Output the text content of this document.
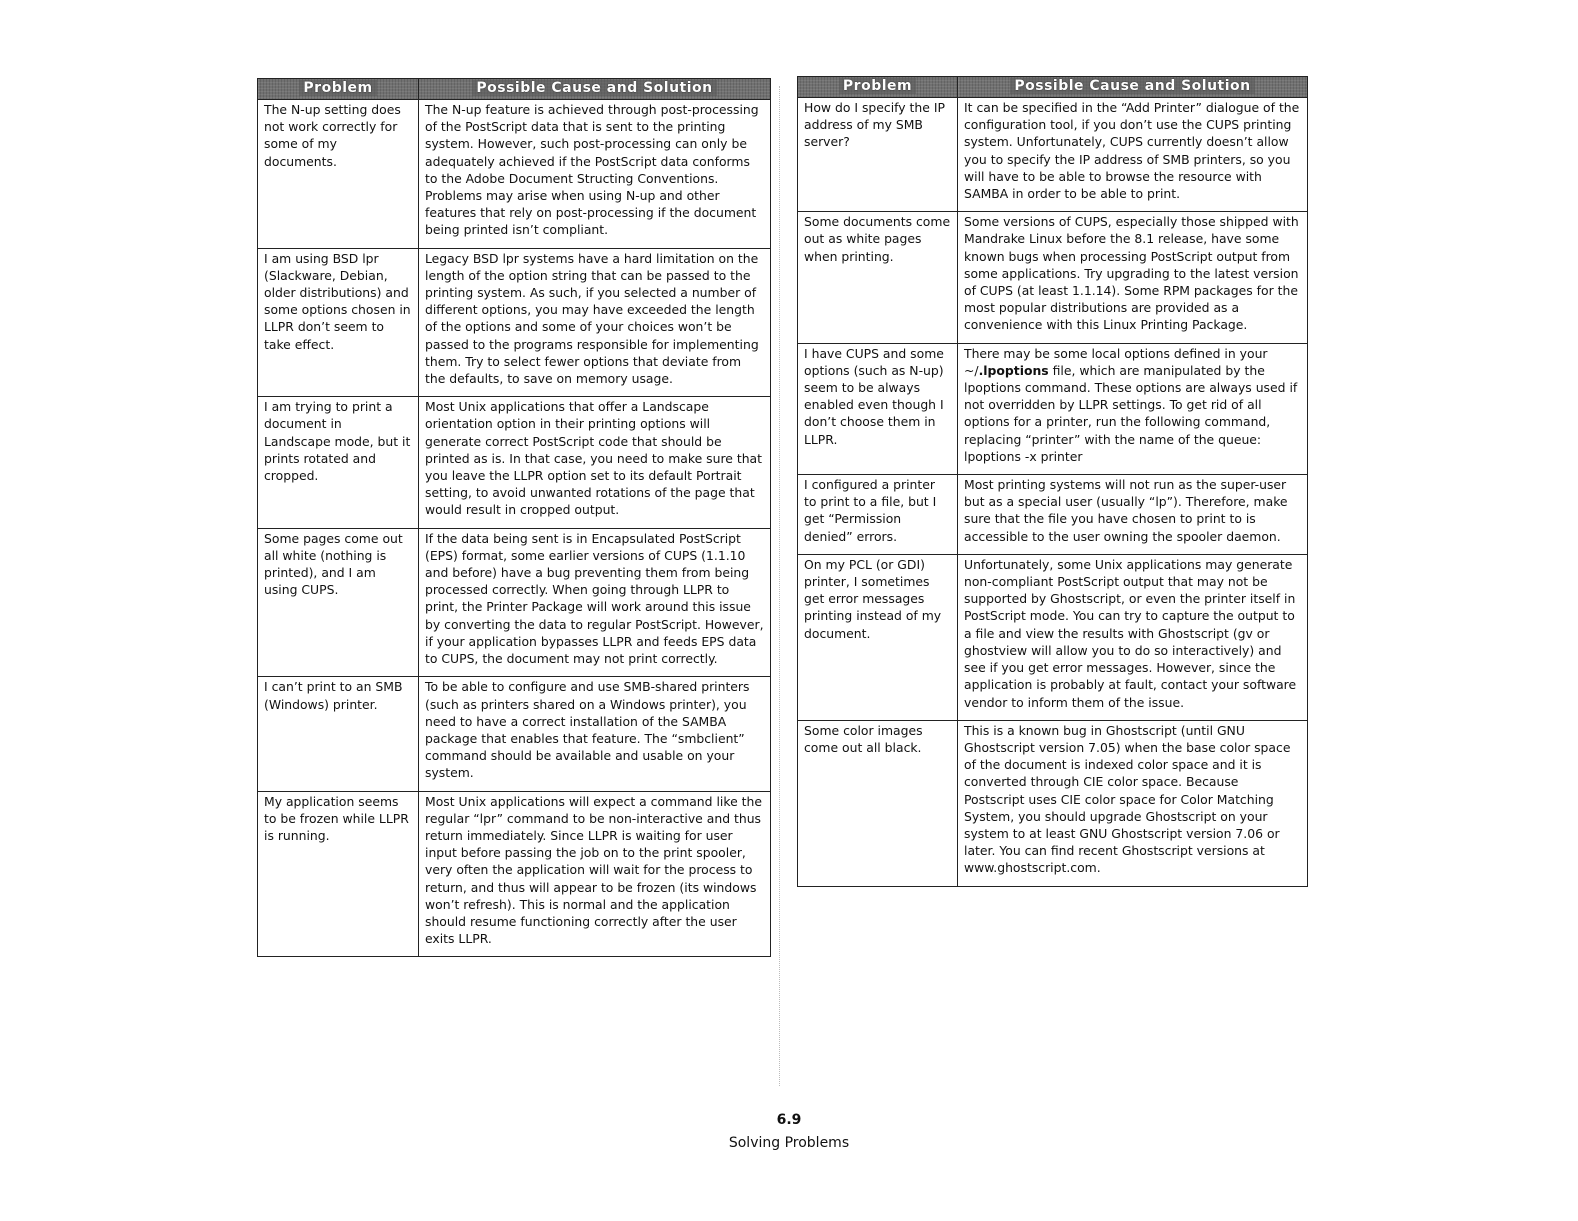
Problem	Possible Cause and Solution
The N-up setting does not work correctly for some of my documents.	The N-up feature is achieved through post-processing of the PostScript data that is sent to the printing system. However, such post-processing can only be adequately achieved if the PostScript data conforms to the Adobe Document Structing Conventions. Problems may arise when using N-up and other features that rely on post-processing if the document being printed isn’t compliant.
I am using BSD lpr (Slackware, Debian, older distributions) and some options chosen in LLPR don’t seem to take effect.	Legacy BSD lpr systems have a hard limitation on the length of the option string that can be passed to the printing system. As such, if you selected a number of different options, you may have exceeded the length of the options and some of your choices won’t be passed to the programs responsible for implementing them. Try to select fewer options that deviate from the defaults, to save on memory usage.
I am trying to print a document in Landscape mode, but it prints rotated and cropped.	Most Unix applications that offer a Landscape orientation option in their printing options will generate correct PostScript code that should be printed as is. In that case, you need to make sure that you leave the LLPR option set to its default Portrait setting, to avoid unwanted rotations of the page that would result in cropped output.
Some pages come out all white (nothing is printed), and I am using CUPS.	If the data being sent is in Encapsulated PostScript (EPS) format, some earlier versions of CUPS (1.1.10 and before) have a bug preventing them from being processed correctly. When going through LLPR to print, the Printer Package will work around this issue by converting the data to regular PostScript. However, if your application bypasses LLPR and feeds EPS data to CUPS, the document may not print correctly.
I can’t print to an SMB (Windows) printer.	To be able to configure and use SMB-shared printers (such as printers shared on a Windows printer), you need to have a correct installation of the SAMBA package that enables that feature. The “smbclient” command should be available and usable on your system.
My application seems to be frozen while LLPR is running.	Most Unix applications will expect a command like the regular “lpr” command to be non-interactive and thus return immediately. Since LLPR is waiting for user input before passing the job on to the print spooler, very often the application will wait for the process to return, and thus will appear to be frozen (its windows won’t refresh). This is normal and the application should resume functioning correctly after the user exits LLPR.
Problem	Possible Cause and Solution
How do I specify the IP address of my SMB server?	It can be specified in the “Add Printer” dialogue of the configuration tool, if you don’t use the CUPS printing system. Unfortunately, CUPS currently doesn’t allow you to specify the IP address of SMB printers, so you will have to be able to browse the resource with SAMBA in order to be able to print.
Some documents come out as white pages when printing.	Some versions of CUPS, especially those shipped with Mandrake Linux before the 8.1 release, have some known bugs when processing PostScript output from some applications. Try upgrading to the latest version of CUPS (at least 1.1.14). Some RPM packages for the most popular distributions are provided as a convenience with this Linux Printing Package.
I have CUPS and some options (such as N-up) seem to be always enabled even though I don’t choose them in LLPR.	There may be some local options defined in your ~/.lpoptions file, which are manipulated by the lpoptions command. These options are always used if not overridden by LLPR settings. To get rid of all options for a printer, run the following command, replacing “printer” with the name of the queue: lpoptions -x printer
I configured a printer to print to a file, but I get “Permission denied” errors.	Most printing systems will not run as the super-user but as a special user (usually “lp”). Therefore, make sure that the file you have chosen to print to is accessible to the user owning the spooler daemon.
On my PCL (or GDI) printer, I sometimes get error messages printing instead of my document.	Unfortunately, some Unix applications may generate non-compliant PostScript output that may not be supported by Ghostscript, or even the printer itself in PostScript mode. You can try to capture the output to a file and view the results with Ghostscript (gv or ghostview will allow you to do so interactively) and see if you get error messages. However, since the application is probably at fault, contact your software vendor to inform them of the issue.
Some color images come out all black.	This is a known bug in Ghostscript (until GNU Ghostscript version 7.05) when the base color space of the document is indexed color space and it is converted through CIE color space. Because Postscript uses CIE color space for Color Matching System, you should upgrade Ghostscript on your system to at least GNU Ghostscript version 7.06 or later. You can find recent Ghostscript versions at www.ghostscript.com.
6.9
Solving Problems
